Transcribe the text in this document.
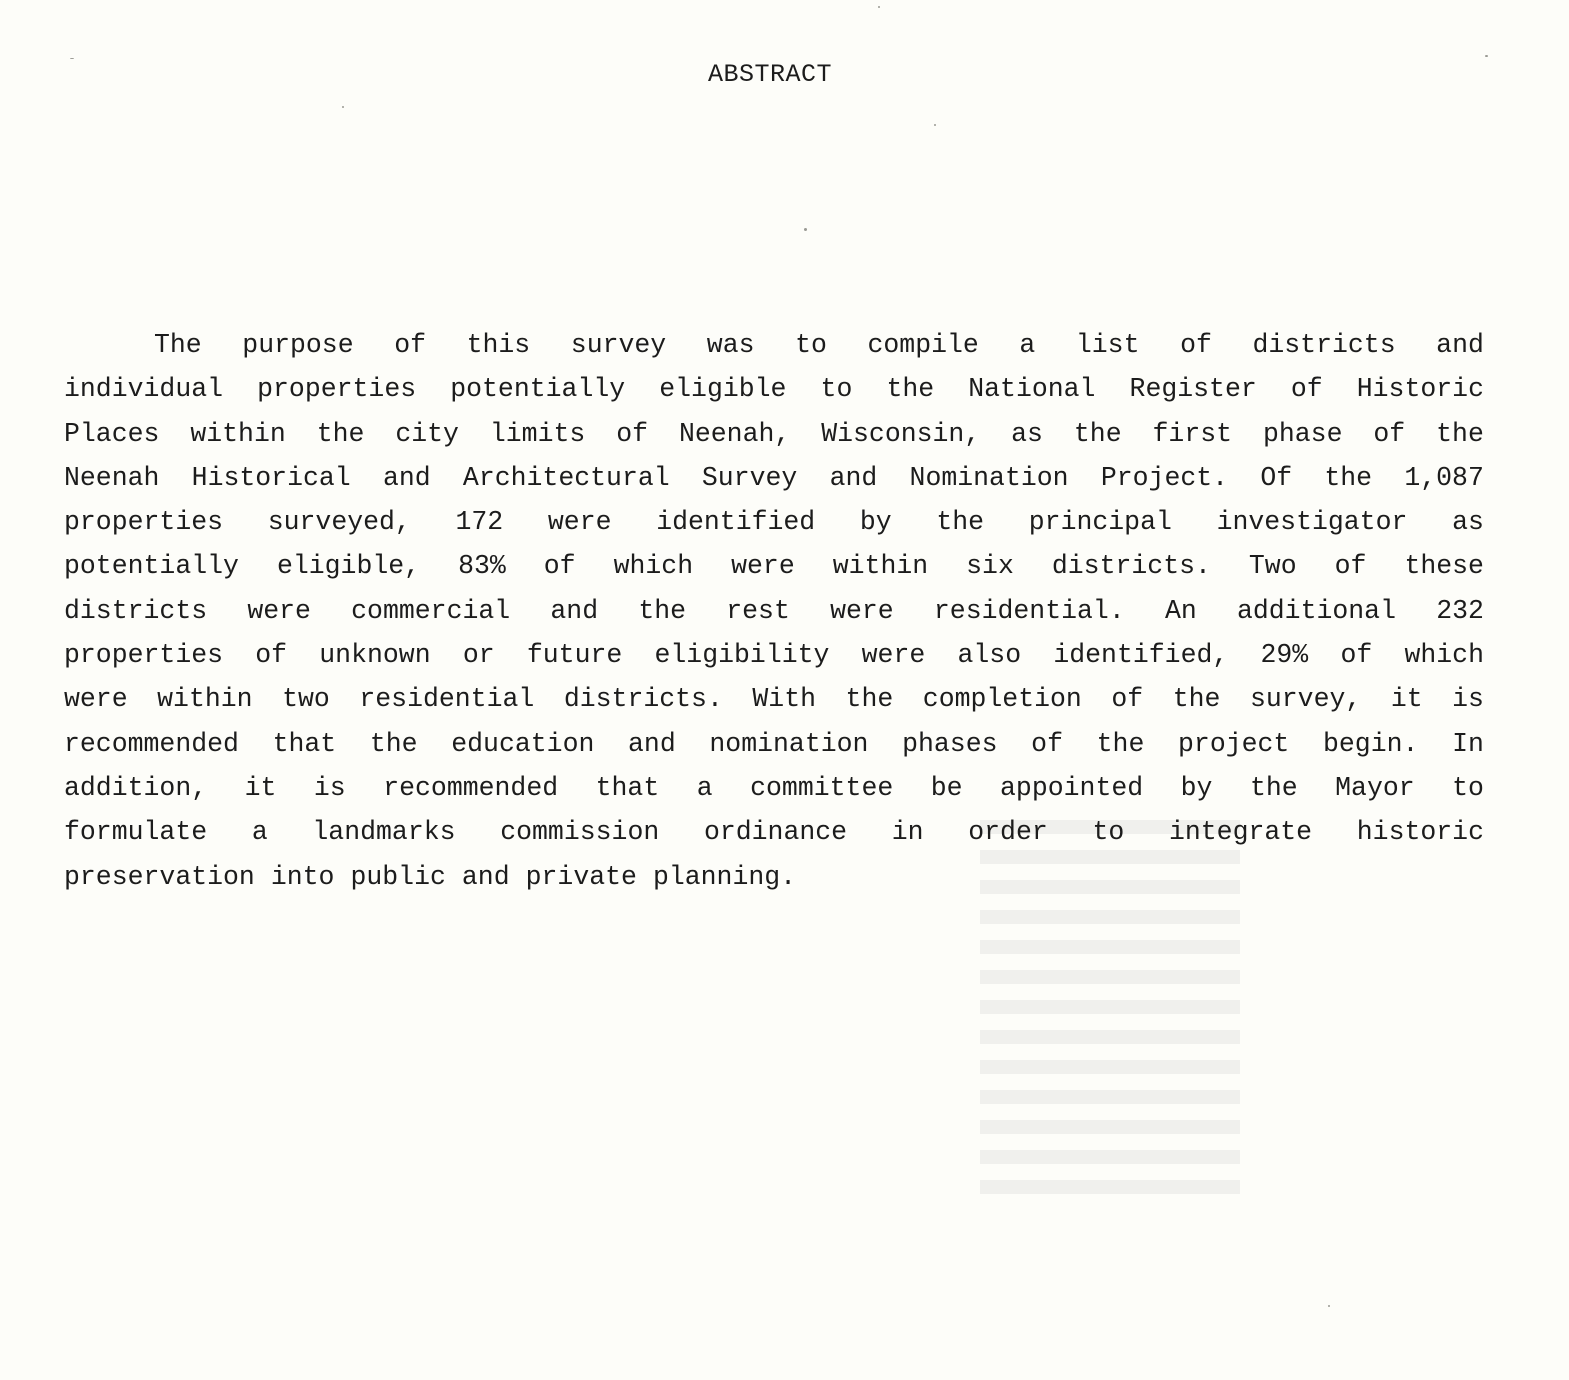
ABSTRACT
The purpose of this survey was to compile a list of districts and
individual properties potentially eligible to the National Register of Historic
Places within the city limits of Neenah, Wisconsin, as the first phase of the
Neenah Historical and Architectural Survey and Nomination Project. Of the 1,087
properties surveyed, 172 were identified by the principal investigator as
potentially eligible, 83% of which were within six districts. Two of these
districts were commercial and the rest were residential. An additional 232
properties of unknown or future eligibility were also identified, 29% of which
were within two residential districts. With the completion of the survey, it is
recommended that the education and nomination phases of the project begin. In
addition, it is recommended that a committee be appointed by the Mayor to
formulate a landmarks commission ordinance in order to integrate historic
preservation into public and private planning.
